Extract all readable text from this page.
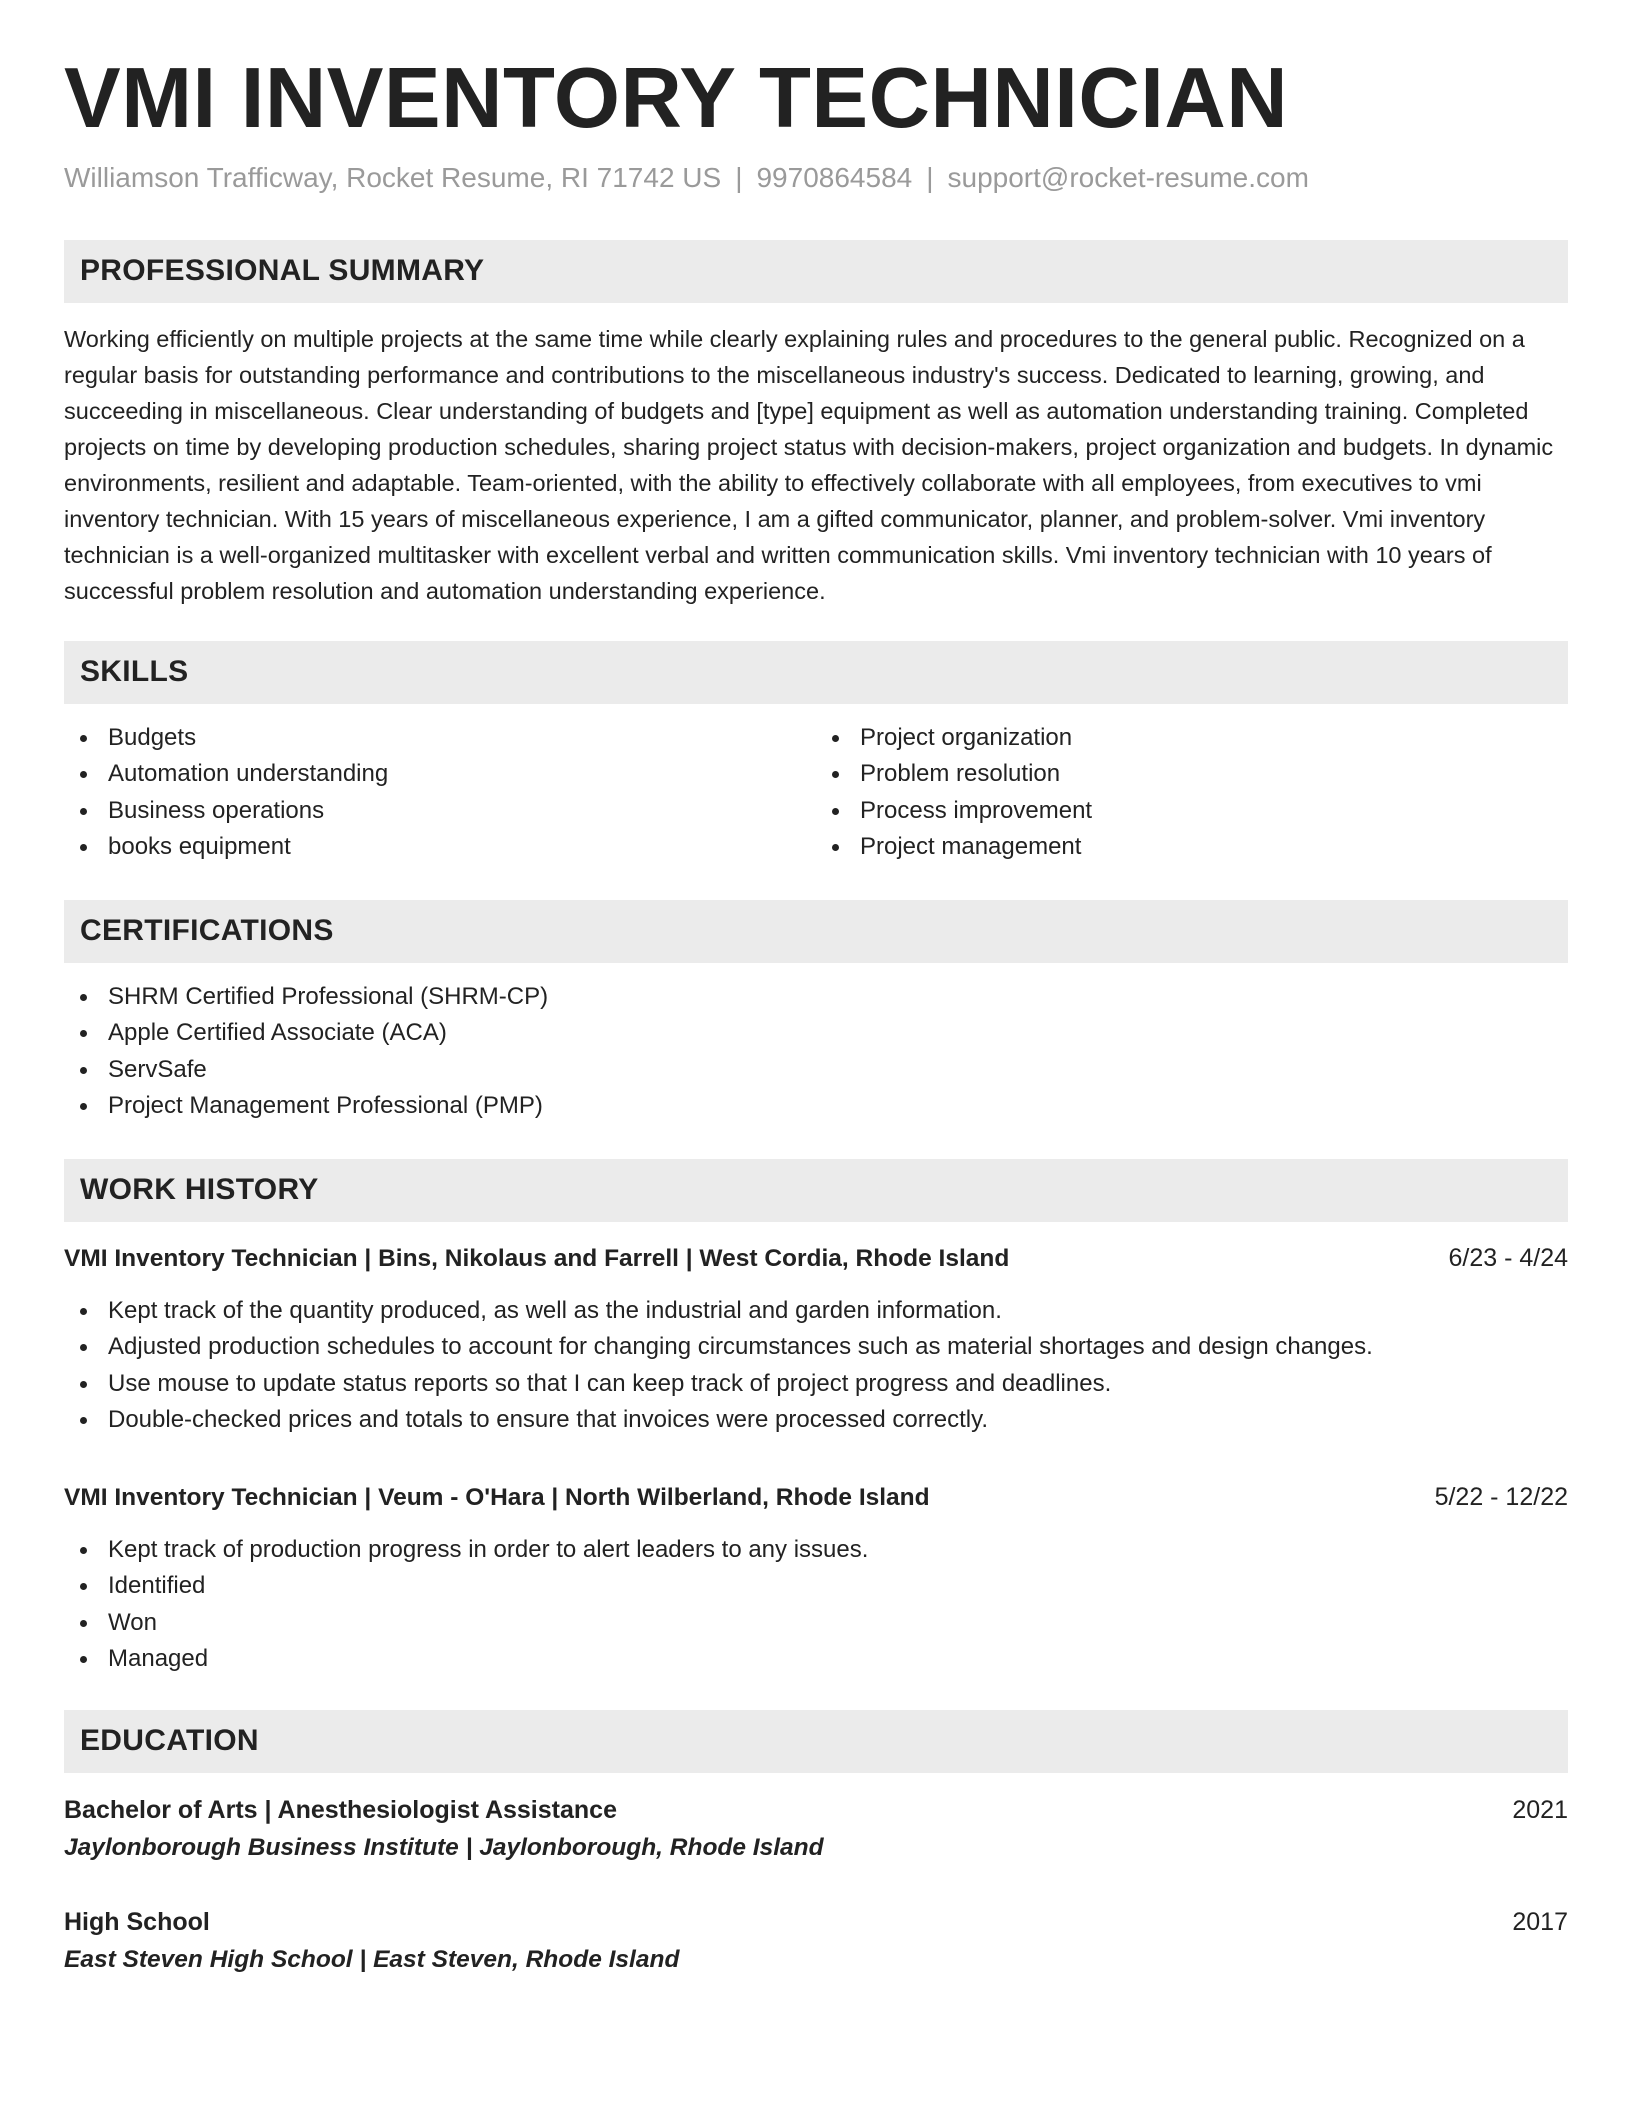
VMI INVENTORY TECHNICIAN
Williamson Trafficway, Rocket Resume, RI 71742 US | 9970864584 | support@rocket-resume.com
PROFESSIONAL SUMMARY
Working efficiently on multiple projects at the same time while clearly explaining rules and procedures to the general public. Recognized on a regular basis for outstanding performance and contributions to the miscellaneous industry's success. Dedicated to learning, growing, and succeeding in miscellaneous. Clear understanding of budgets and [type] equipment as well as automation understanding training. Completed projects on time by developing production schedules, sharing project status with decision-makers, project organization and budgets. In dynamic environments, resilient and adaptable. Team-oriented, with the ability to effectively collaborate with all employees, from executives to vmi inventory technician. With 15 years of miscellaneous experience, I am a gifted communicator, planner, and problem-solver. Vmi inventory technician is a well-organized multitasker with excellent verbal and written communication skills. Vmi inventory technician with 10 years of successful problem resolution and automation understanding experience.
SKILLS
Budgets
Automation understanding
Business operations
books equipment
Project organization
Problem resolution
Process improvement
Project management
CERTIFICATIONS
SHRM Certified Professional (SHRM-CP)
Apple Certified Associate (ACA)
ServSafe
Project Management Professional (PMP)
WORK HISTORY
VMI Inventory Technician | Bins, Nikolaus and Farrell | West Cordia, Rhode Island	6/23 - 4/24
Kept track of the quantity produced, as well as the industrial and garden information.
Adjusted production schedules to account for changing circumstances such as material shortages and design changes.
Use mouse to update status reports so that I can keep track of project progress and deadlines.
Double-checked prices and totals to ensure that invoices were processed correctly.
VMI Inventory Technician | Veum - O'Hara | North Wilberland, Rhode Island	5/22 - 12/22
Kept track of production progress in order to alert leaders to any issues.
Identified
Won
Managed
EDUCATION
Bachelor of Arts | Anesthesiologist Assistance	2021
Jaylonborough Business Institute | Jaylonborough, Rhode Island
High School	2017
East Steven High School | East Steven, Rhode Island
